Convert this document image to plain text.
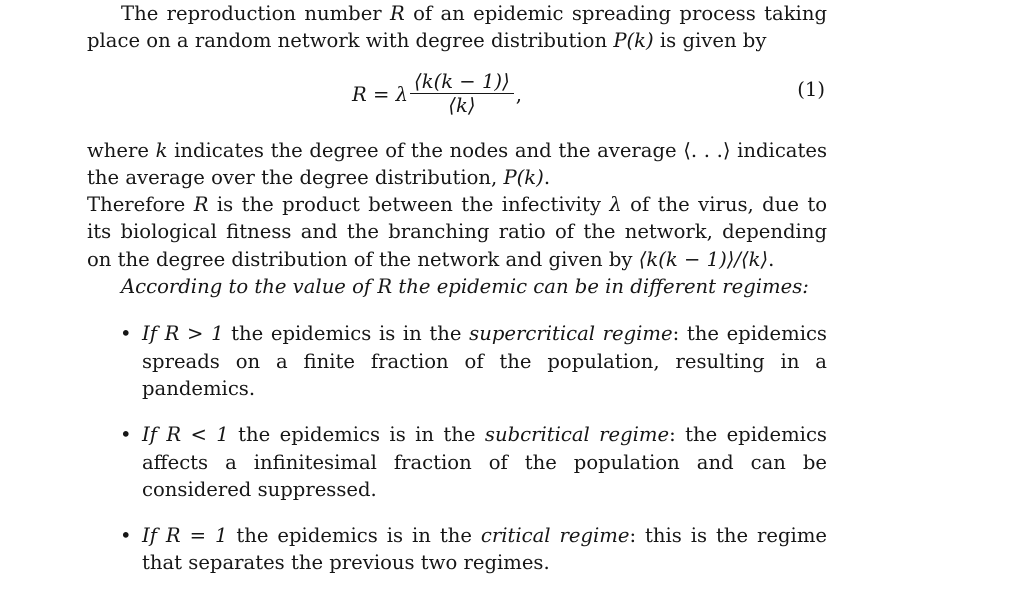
The reproduction number R of an epidemic spreading process taking place on a random network with degree distribution P(k) is given by

R = λ $\frac{⟨k(k - 1)⟩}{⟨k⟩}$ ,	(1)

where k indicates the degree of the nodes and the average ⟨. . .⟩ indicates the average over the degree distribution, P(k).

Therefore R is the product between the infectivity λ of the virus, due to its biological fitness and the branching ratio of the network, depending on the degree distribution of the network and given by ⟨k(k − 1)⟩/⟨k⟩.

According to the value of R the epidemic can be in different regimes:

• If R > 1 the epidemics is in the supercritical regime: the epidemics spreads on a finite fraction of the population, resulting in a pandemics.
• If R < 1 the epidemics is in the subcritical regime: the epidemics affects a infinitesimal fraction of the population and can be considered suppressed.
• If R = 1 the epidemics is in the critical regime: this is the regime that separates the previous two regimes.
